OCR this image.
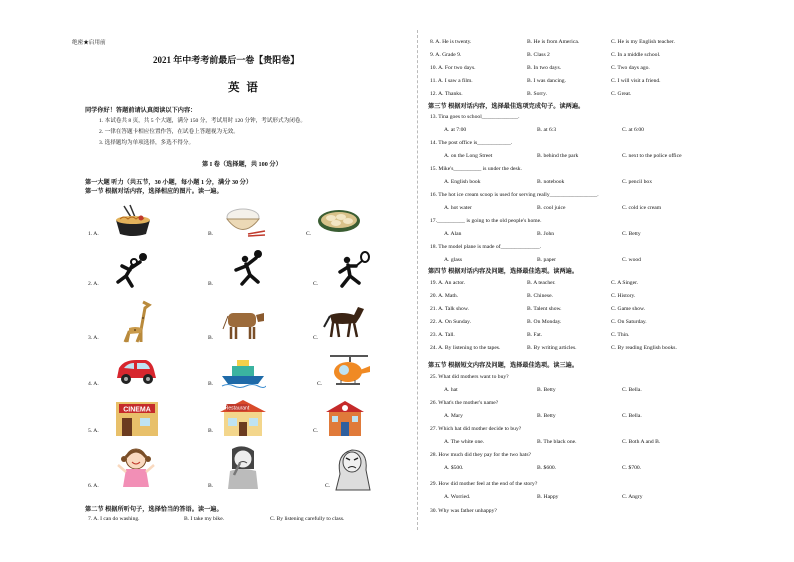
绝密★启用前
2021 年中考考前最后一卷【贵阳卷】
英 语
同学你好！答题前请认真阅读以下内容：
1. 本试卷共 8 页，共 5 个大题，满分 150 分，考试用时 120 分钟，考试形式为闭卷。
2. 一律在答题卡相应位置作答，在试卷上答题视为无效。
3. 选择题均为单项选择，多选不得分。
第 I 卷（选择题，共 100 分）
第一大题 听力（共五节，30 小题，每小题 1 分，满分 30 分）
第一节 根据对话内容，选择相应的图片。读一遍。
1. A.	B.	C.
2. A.	B.	C.
3. A.	B.	C.
4. A.	B.	C.
5. A.	B.	C.
6. A.	B.	C.
CINEMA	Restaurant
第二节 根据所听句子，选择恰当的答语。读一遍。
7. A. I can do washing.	B. I take my bike.	C. By listening carefully to class.
8. A. He is twenty.	B. He is from America.	C. He is my English teacher.
9. A. Grade 9.	B. Class 2	C. In a middle school.
10. A. For two days.	B. In two days.	C. Two days ago.
11. A. I saw a film.	B. I was dancing.	C. I will visit a friend.
12. A. Thanks.	B. Sorry.	C. Great.
第三节 根据对话内容，选择最佳选项完成句子。读两遍。
13. Tina goes to school_____________.
A. at 7:00	B. at 6:3	C. at 6:00
14. The post office is____________.
A. on the Long Street	B. behind the park	C. next to the police office
15. Mike's__________ is under the desk.
A. English book	B. notebook	C. pencil box
16. The hot ice cream scoop is used for serving really_________________.
A. hot water	B. cool juice	C. cold ice cream
17.__________ is going to the old people's home.
A. Alan	B. John	C. Betty
18. The model plane is made of______________.
A. glass	B. paper	C. wood
第四节 根据对话内容及问题，选择最佳选项。读两遍。
19. A. An actor.	B. A teacher.	C. A Singer.
20. A. Math.	B. Chinese.	C. History.
21. A. Talk show.	B. Talent show.	C. Game show.
22. A. On Sunday.	B. On Monday.	C. On Saturday.
23. A. Tall.	B. Fat.	C. Thin.
24. A. By listening to the tapes.	B. By writing articles.	C. By reading English books.
第五节 根据短文内容及问题，选择最佳选项。读三遍。
25. What did mothers want to buy?
A. hat	B. Betty	C. Bella.
26. What's the mother's name?
A. Mary	B. Betty	C. Bella.
27. Which hat did mother decide to buy?
A. The white one.	B. The black one.	C. Both A and B.
28. How much did they pay for the two hats?
A. $500.	B. $600.	C. $700.
29. How did mother feel at the end of the story?
A. Worried.	B. Happy	C. Angry
30. Why was father unhappy?
